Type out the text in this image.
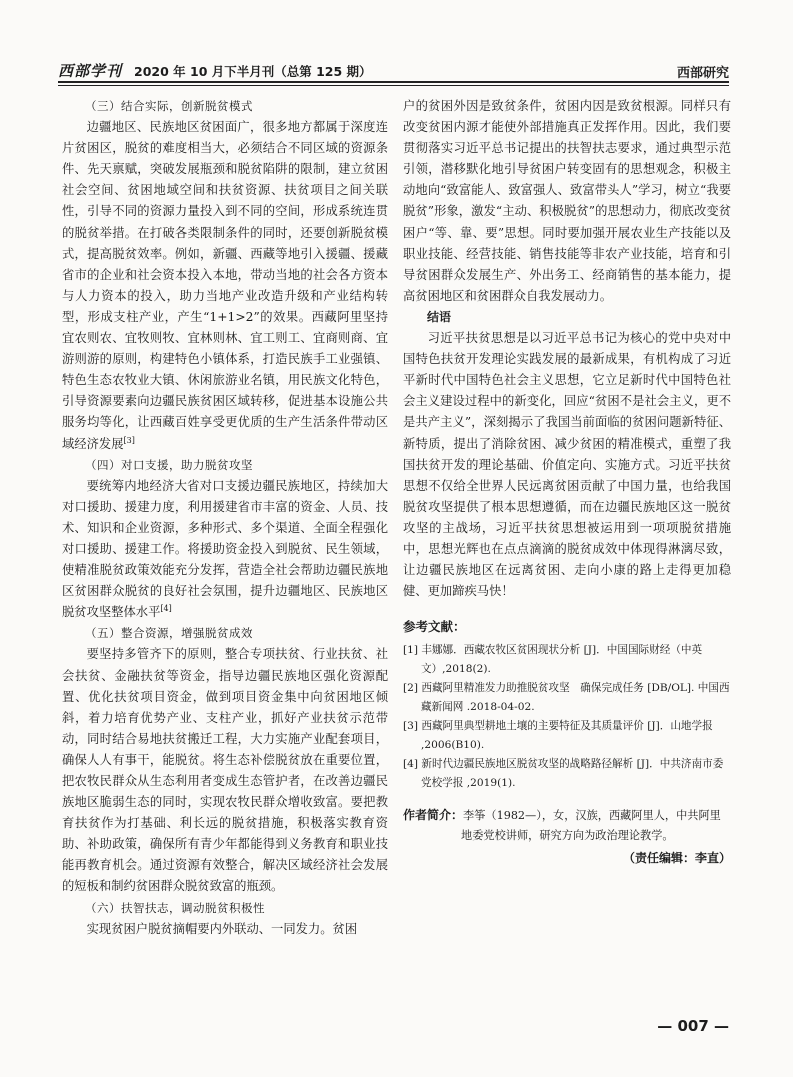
西部学刊 2020 年 10 月下半月刊（总第 125 期）	西部研究

（三）结合实际，创新脱贫模式

边疆地区、民族地区贫困面广，很多地方都属于深度连片贫困区，脱贫的难度相当大，必须结合不同区域的资源条件、先天禀赋，突破发展瓶颈和脱贫陷阱的限制，建立贫困社会空间、贫困地域空间和扶贫资源、扶贫项目之间关联性，引导不同的资源力量投入到不同的空间，形成系统连贯的脱贫举措。在打破各类限制条件的同时，还要创新脱贫模式，提高脱贫效率。例如，新疆、西藏等地引入援疆、援藏省市的企业和社会资本投入本地，带动当地的社会各方资本与人力资本的投入，助力当地产业改造升级和产业结构转型，形成支柱产业，产生“1+1>2”的效果。西藏阿里坚持宜农则农、宜牧则牧、宜林则林、宜工则工、宜商则商、宜游则游的原则，构建特色小镇体系，打造民族手工业强镇、特色生态农牧业大镇、休闲旅游业名镇，用民族文化特色，引导资源要素向边疆民族贫困区域转移，促进基本设施公共服务均等化，让西藏百姓享受更优质的生产生活条件带动区域经济发展[3]

（四）对口支援，助力脱贫攻坚

要统筹内地经济大省对口支援边疆民族地区，持续加大对口援助、援建力度，利用援建省市丰富的资金、人员、技术、知识和企业资源，多种形式、多个渠道、全面全程强化对口援助、援建工作。将援助资金投入到脱贫、民生领域，使精准脱贫政策效能充分发挥，营造全社会帮助边疆民族地区贫困群众脱贫的良好社会氛围，提升边疆地区、民族地区脱贫攻坚整体水平[4]

（五）整合资源，增强脱贫成效

要坚持多管齐下的原则，整合专项扶贫、行业扶贫、社会扶贫、金融扶贫等资金，指导边疆民族地区强化资源配置、优化扶贫项目资金，做到项目资金集中向贫困地区倾斜，着力培育优势产业、支柱产业，抓好产业扶贫示范带动，同时结合易地扶贫搬迁工程，大力实施产业配套项目，确保人人有事干，能脱贫。将生态补偿脱贫放在重要位置，把农牧民群众从生态利用者变成生态管护者，在改善边疆民族地区脆弱生态的同时，实现农牧民群众增收致富。要把教育扶贫作为打基础、利长远的脱贫措施，积极落实教育资助、补助政策，确保所有青少年都能得到义务教育和职业技能再教育机会。通过资源有效整合，解决区域经济社会发展的短板和制约贫困群众脱贫致富的瓶颈。

（六）扶智扶志，调动脱贫积极性

实现贫困户脱贫摘帽要内外联动、一同发力。贫困

户的贫困外因是致贫条件，贫困内因是致贫根源。同样只有改变贫困内源才能使外部措施真正发挥作用。因此，我们要贯彻落实习近平总书记提出的扶智扶志要求，通过典型示范引领，潜移默化地引导贫困户转变固有的思想观念，积极主动地向“致富能人、致富强人、致富带头人”学习，树立“我要脱贫”形象，激发“主动、积极脱贫”的思想动力，彻底改变贫困户“等、靠、要”思想。同时要加强开展农业生产技能以及职业技能、经营技能、销售技能等非农产业技能，培育和引导贫困群众发展生产、外出务工、经商销售的基本能力，提高贫困地区和贫困群众自我发展动力。

结语

习近平扶贫思想是以习近平总书记为核心的党中央对中国特色扶贫开发理论实践发展的最新成果，有机构成了习近平新时代中国特色社会主义思想，它立足新时代中国特色社会主义建设过程中的新变化，回应“贫困不是社会主义，更不是共产主义”，深刻揭示了我国当前面临的贫困问题新特征、新特质，提出了消除贫困、减少贫困的精准模式，重塑了我国扶贫开发的理论基础、价值定向、实施方式。习近平扶贫思想不仅给全世界人民远离贫困贡献了中国力量，也给我国脱贫攻坚提供了根本思想遵循，而在边疆民族地区这一脱贫攻坚的主战场，习近平扶贫思想被运用到一项项脱贫措施中，思想光辉也在点点滴滴的脱贫成效中体现得淋漓尽致，让边疆民族地区在远离贫困、走向小康的路上走得更加稳健、更加蹄疾马快！

参考文献：

[1] 丰娜娜．西藏农牧区贫困现状分析 [J]．中国国际财经（中英文）,2018(2).

[2] 西藏阿里精准发力助推脱贫攻坚　确保完成任务 [DB/OL]. 中国西藏新闻网 .2018-04-02.

[3] 西藏阿里典型耕地土壤的主要特征及其质量评价 [J]．山地学报 ,2006(B10).

[4] 新时代边疆民族地区脱贫攻坚的战略路径解析 [J]．中共济南市委党校学报 ,2019(1).

作者简介：李筝（1982—），女，汉族，西藏阿里人，中共阿里地委党校讲师，研究方向为政治理论教学。

（责任编辑：李直）

— 007 —
